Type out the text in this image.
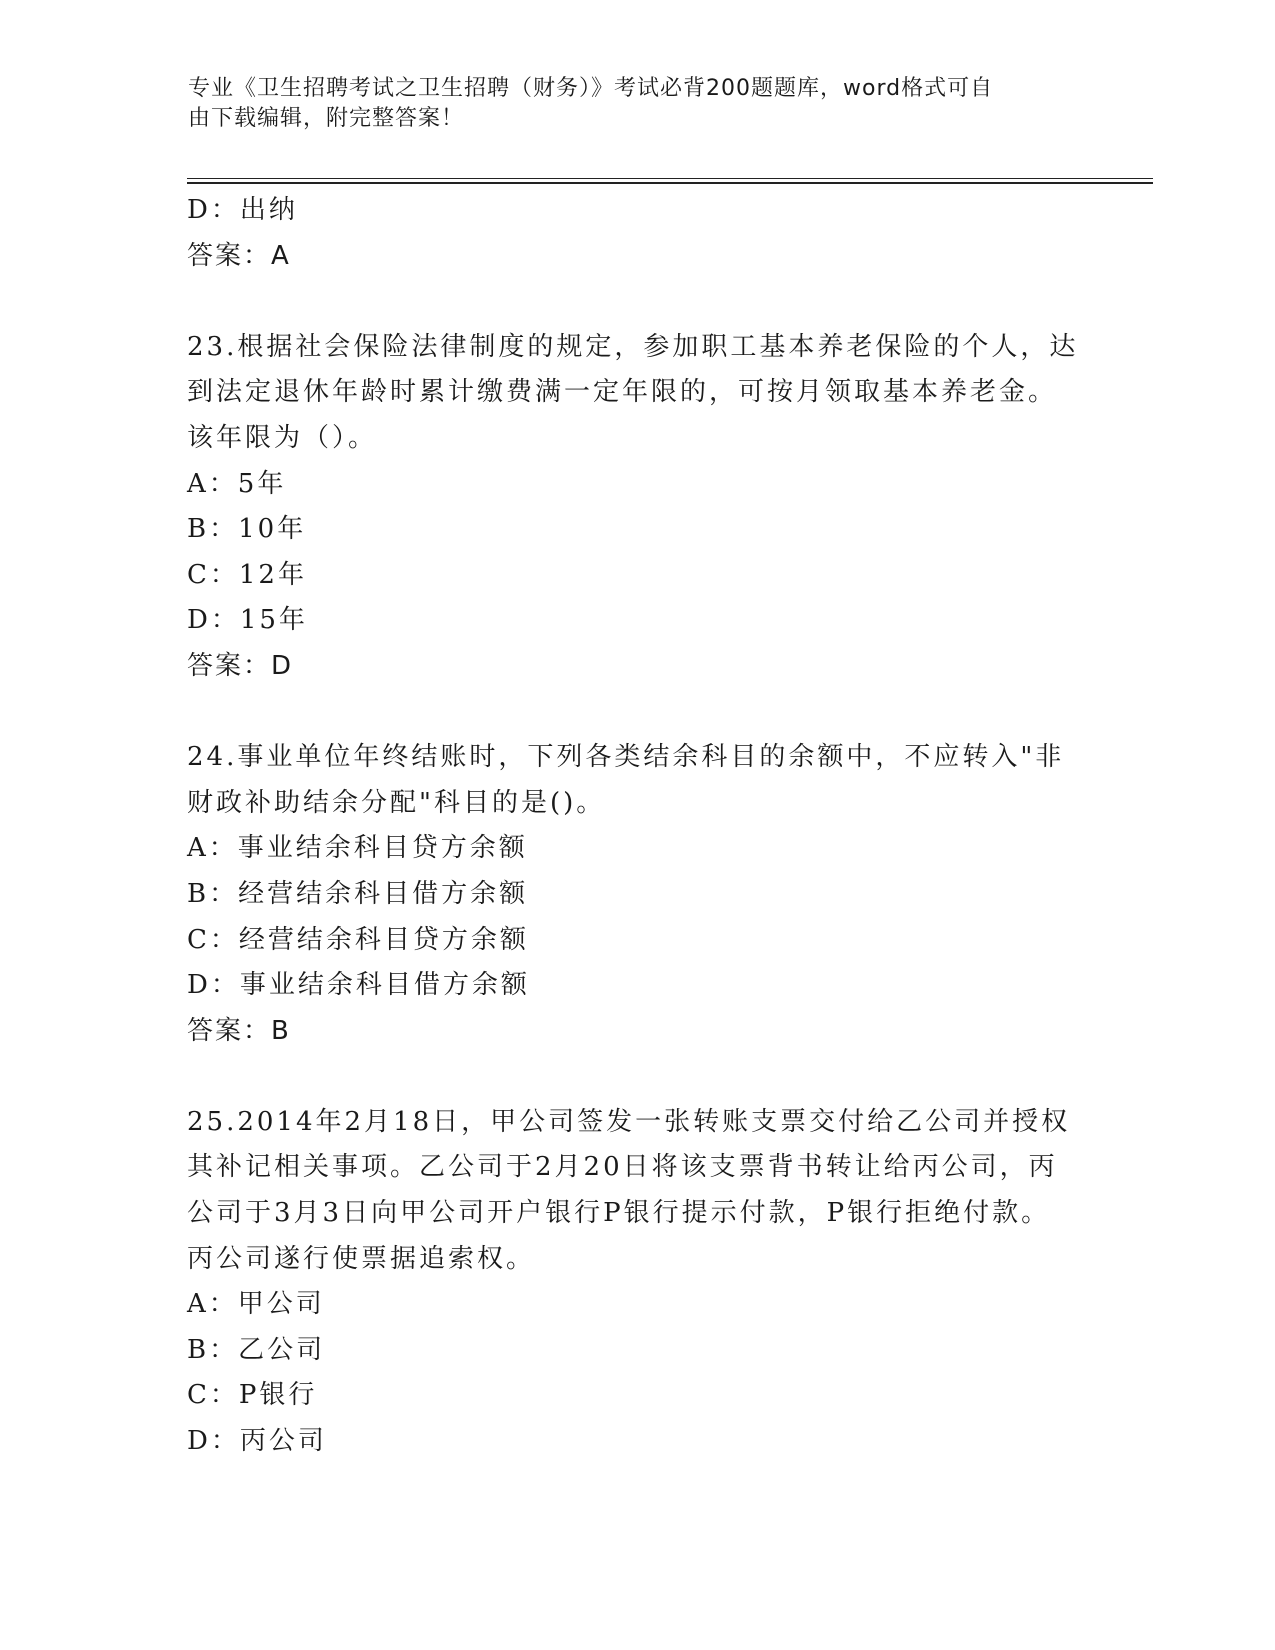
专业《卫生招聘考试之卫生招聘（财务）》考试必背200题题库，word格式可自
由下载编辑，附完整答案！
D：出纳
答案：A
23.根据社会保险法律制度的规定，参加职工基本养老保险的个人，达
到法定退休年龄时累计缴费满一定年限的，可按月领取基本养老金。
该年限为（）。
A：5年
B：10年
C：12年
D：15年
答案：D
24.事业单位年终结账时，下列各类结余科目的余额中，不应转入"非
财政补助结余分配"科目的是()。
A：事业结余科目贷方余额
B：经营结余科目借方余额
C：经营结余科目贷方余额
D：事业结余科目借方余额
答案：B
25.2014年2月18日，甲公司签发一张转账支票交付给乙公司并授权
其补记相关事项。乙公司于2月20日将该支票背书转让给丙公司，丙
公司于3月3日向甲公司开户银行P银行提示付款，P银行拒绝付款。
丙公司遂行使票据追索权。
A：甲公司
B：乙公司
C：P银行
D：丙公司
